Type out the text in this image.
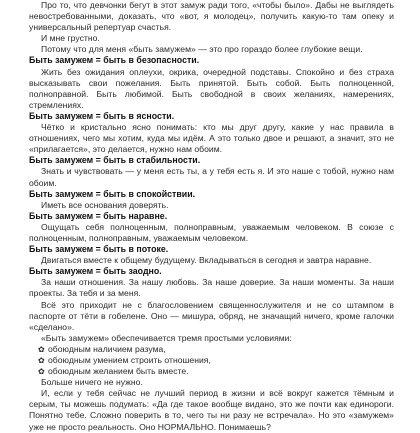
Про то, что девчонки бегут в этот замуж ради того, «чтобы было». Дабы не выглядеть невостребованными, доказать, что «вот, я молодец», получить какую-то там опеку и универсальный репертуар счастья.

И мне грустно.

Потому что для меня «быть замужем» — это про гораздо более глубокие вещи.

Быть замужем = быть в безопасности.

Жить без ожидания оплеухи, окрика, очередной подставы. Спокойно и без страха высказывать свои пожелания. Быть принятой. Быть собой. Быть полноценной, полноправной. Быть любимой. Быть свободной в своих желаниях, намерениях, стремлениях.

Быть замужем = быть в ясности.

Чётко и кристально ясно понимать: кто мы друг другу, какие у нас правила в отношениях, чего мы хотим, куда мы идём. А это только двое и решают, а значит, это не «прилагается», это делается, нужно нам обоим.

Быть замужем = быть в стабильности.

Знать и чувствовать — у меня есть ты, а у тебя есть я. И это наше с тобой, нужно нам обоим.

Быть замужем = быть в спокойствии.

Иметь все основания доверять.

Быть замужем = быть наравне.

Ощущать себя полноценным, полноправным, уважаемым человеком. В союзе с полноценным, полноправным, уважаемым человеком.

Быть замужем = быть в потоке.

Двигаться вместе к общему будущему. Вкладываться в сегодня и завтра наравне.

Быть замужем = быть заодно.

За наши отношения. За нашу любовь. За наше доверие. За наши моменты. За наши проекты. За тебя и за меня.

Всё это приходит не с благословением священнослужителя и не со штампом в паспорте от тёти в гобелене. Оно — мишура, обряд, не значащий ничего, кроме галочки «сделано».

«Быть замужем» обеспечивается тремя простыми условиями:

✿ обоюдным наличием разума,

✿ обоюдным умением строить отношения,

✿ обоюдным желанием быть вместе.

Больше ничего не нужно.

И, если у тебя сейчас не лучший период в жизни и всё вокруг кажется тёмным и серым, ты можешь подумать: «Да где такое вообще видано, это же почти как единороги. Понятно тебе. Сложно поверить в то, чего ты ни разу не встречала». Но это «замужем» уже не просто реальность. Оно НОРМАЛЬНО. Понимаешь?
